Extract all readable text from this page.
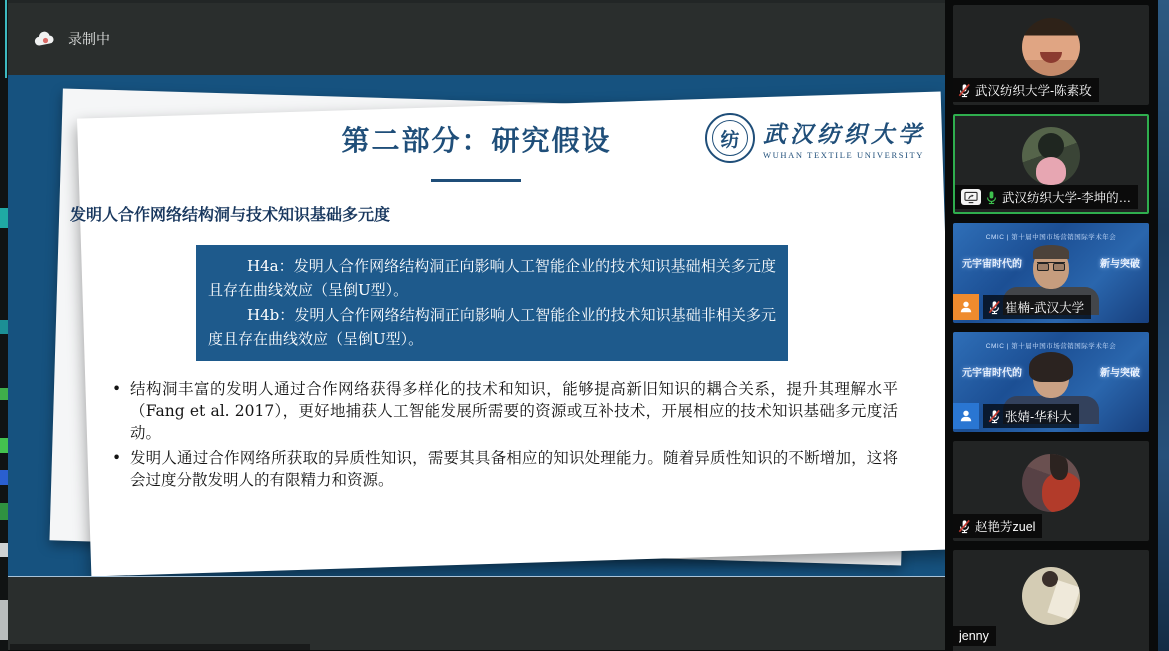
录制中
第二部分：研究假设	纺 武汉纺织大学
WUHAN TEXTILE UNIVERSITY
发明人合作网络结构洞与技术知识基础多元度

H4a：发明人合作网络结构洞正向影响人工智能企业的技术知识基础相关多元度且存在曲线效应（呈倒U型）。

H4b：发明人合作网络结构洞正向影响人工智能企业的技术知识基础非相关多元度且存在曲线效应（呈倒U型）。

• 结构洞丰富的发明人通过合作网络获得多样化的技术和知识，能够提高新旧知识的耦合关系，提升其理解水平（Fang et al. 2017），更好地捕获人工智能发展所需要的资源或互补技术，开展相应的技术知识基础多元度活动。
• 发明人通过合作网络所获取的异质性知识，需要其具备相应的知识处理能力。随着异质性知识的不断增加，这将会过度分散发明人的有限精力和资源。
武汉纺织大学-陈素玫
武汉纺织大学-李坤的…
CMIC | 第十届中国市场营销国际学术年会
元宇宙时代的	新与突破
崔楠-武汉大学
CMIC | 第十届中国市场营销国际学术年会
元宇宙时代的	新与突破
张婧-华科大
赵艳芳zuel
jenny
